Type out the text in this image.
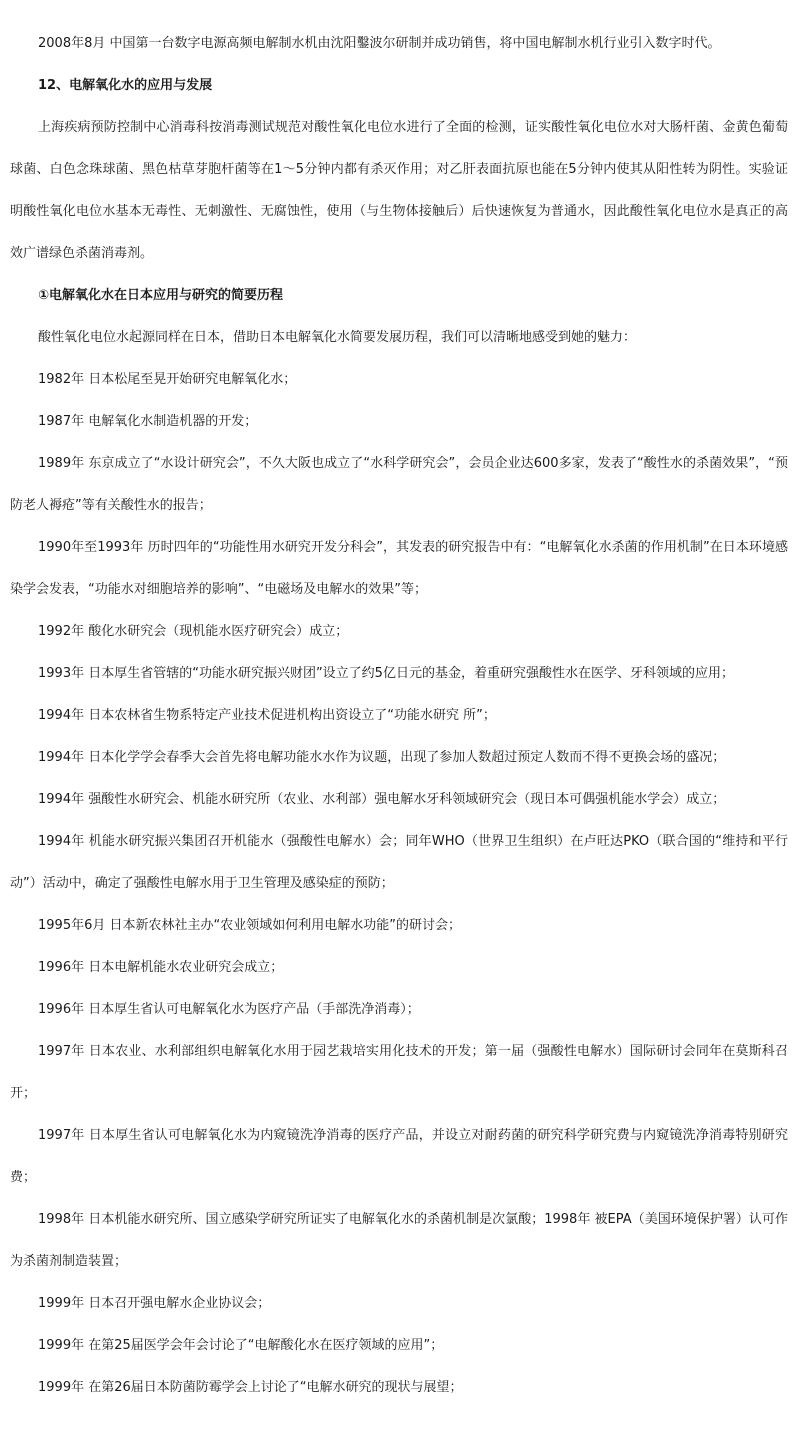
2008年8月 中国第一台数字电源高频电解制水机由沈阳鑿波尔研制并成功销售，将中国电解制水机行业引入数字时代。

12、电解氧化水的应用与发展

上海疾病预防控制中心消毒科按消毒测试规范对酸性氧化电位水进行了全面的检测，证实酸性氧化电位水对大肠杆菌、金黄色葡萄球菌、白色念珠球菌、黑色枯草芽胞杆菌等在1～5分钟内都有杀灭作用；对乙肝表面抗原也能在5分钟内使其从阳性转为阴性。实验证明酸性氧化电位水基本无毒性、无刺激性、无腐蚀性，使用（与生物体接触后）后快速恢复为普通水，因此酸性氧化电位水是真正的高效广谱绿色杀菌消毒剂。

①电解氧化水在日本应用与研究的简要历程

酸性氧化电位水起源同样在日本，借助日本电解氧化水简要发展历程，我们可以清晰地感受到她的魅力：

1982年 日本松尾至晃开始研究电解氧化水；

1987年 电解氧化水制造机器的开发；

1989年 东京成立了“水设计研究会”，不久大阪也成立了“水科学研究会”，会员企业达600多家，发表了“酸性水的杀菌效果”，“预防老人褥疮”等有关酸性水的报告；

1990年至1993年 历时四年的“功能性用水研究开发分科会”，其发表的研究报告中有：“电解氧化水杀菌的作用机制”在日本环境感染学会发表，“功能水对细胞培养的影响”、“电磁场及电解水的效果”等；

1992年 酸化水研究会（现机能水医疗研究会）成立；

1993年 日本厚生省管辖的“功能水研究振兴财团”设立了约5亿日元的基金，着重研究强酸性水在医学、牙科领域的应用；

1994年 日本农林省生物系特定产业技术促进机构出资设立了“功能水研究 所”；

1994年 日本化学学会春季大会首先将电解功能水水作为议题，出现了参加人数超过预定人数而不得不更换会场的盛况；

1994年 强酸性水研究会、机能水研究所（农业、水利部）强电解水牙科领域研究会（现日本可偶强机能水学会）成立；

1994年 机能水研究振兴集团召开机能水（强酸性电解水）会；同年WHO（世界卫生组织）在卢旺达PKO（联合国的“维持和平行动”）活动中，确定了强酸性电解水用于卫生管理及感染症的预防；

1995年6月 日本新农林社主办“农业领域如何利用电解水功能”的研讨会；

1996年 日本电解机能水农业研究会成立；

1996年 日本厚生省认可电解氧化水为医疗产品（手部洗净消毒）；

1997年 日本农业、水利部组织电解氧化水用于园艺栽培实用化技术的开发；第一届（强酸性电解水）国际研讨会同年在莫斯科召开；

1997年 日本厚生省认可电解氧化水为内窥镜洗净消毒的医疗产品，并设立对耐药菌的研究科学研究费与内窥镜洗净消毒特别研究费；

1998年 日本机能水研究所、国立感染学研究所证实了电解氧化水的杀菌机制是次氯酸；1998年 被EPA（美国环境保护署）认可作为杀菌剂制造装置；

1999年 日本召开强电解水企业协议会；

1999年 在第25届医学会年会讨论了“电解酸化水在医疗领域的应用”；

1999年 在第26届日本防菌防霉学会上讨论了“电解水研究的现状与展望；
